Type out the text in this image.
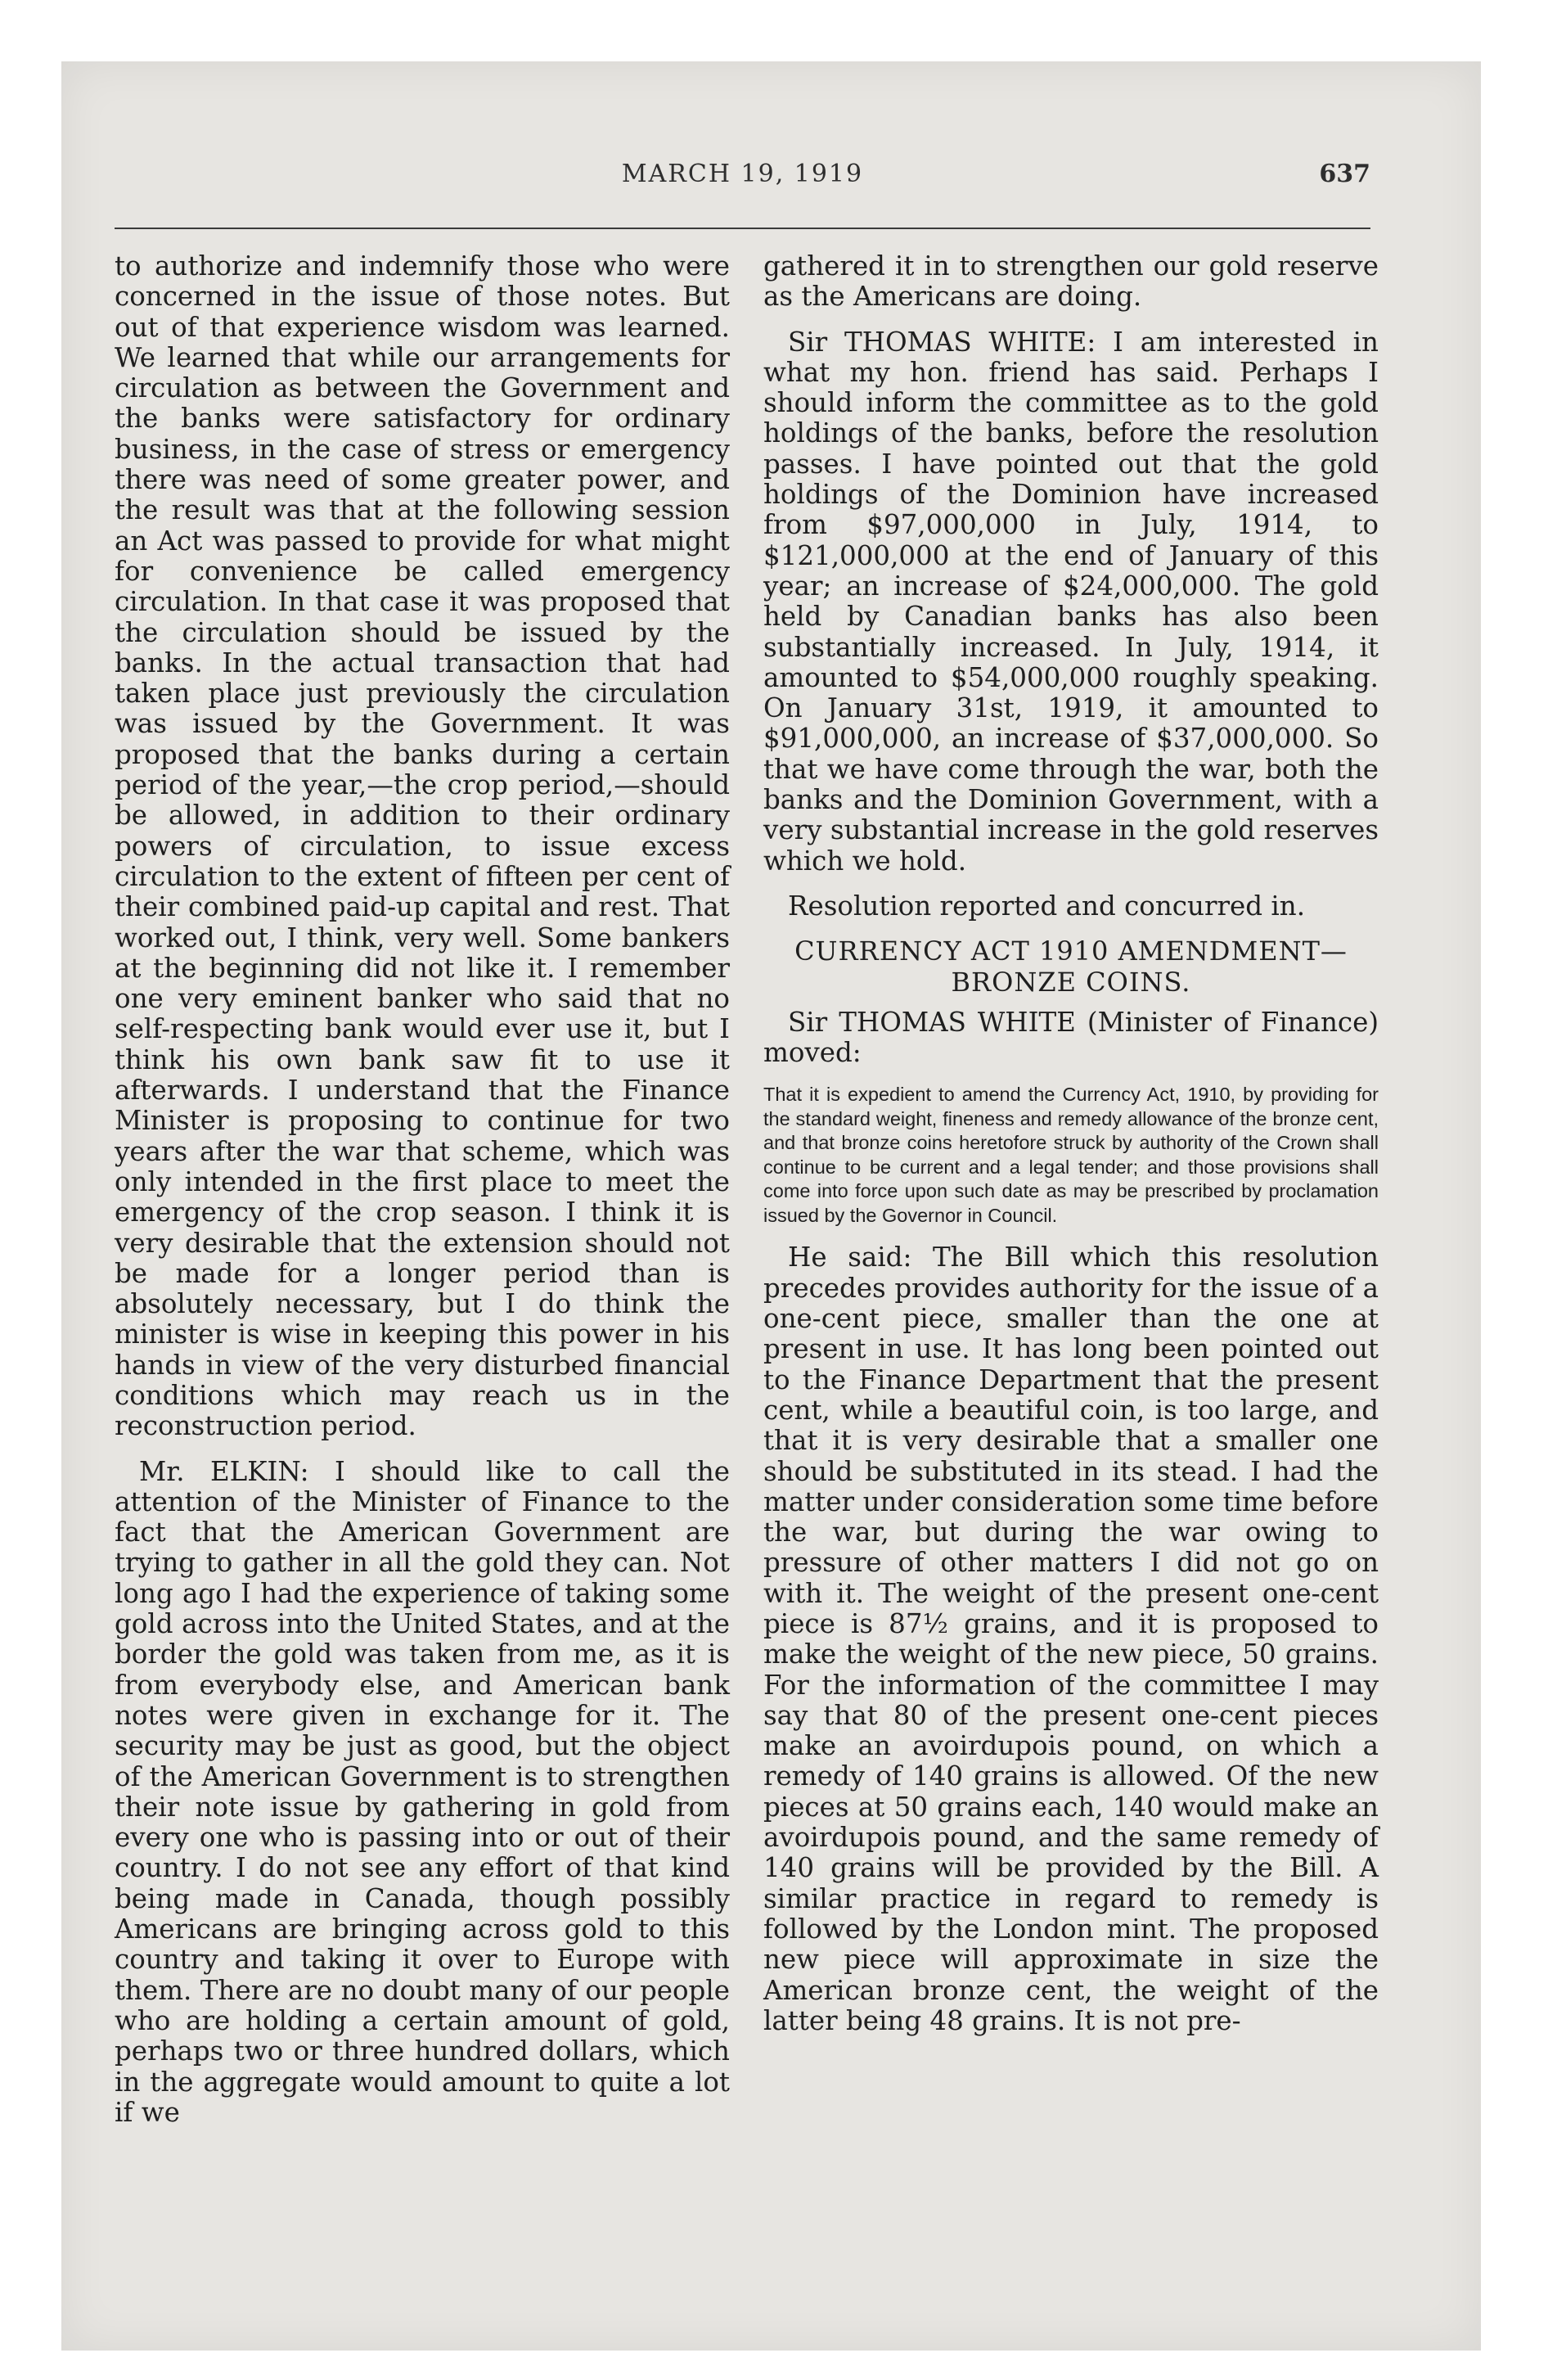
MARCH 19, 1919	637

to authorize and indemnify those who were concerned in the issue of those notes. But out of that experience wisdom was learned. We learned that while our arrangements for circulation as between the Government and the banks were satisfactory for ordinary business, in the case of stress or emergency there was need of some greater power, and the result was that at the following session an Act was passed to provide for what might for convenience be called emergency circulation. In that case it was proposed that the circulation should be issued by the banks. In the actual transaction that had taken place just previously the circulation was issued by the Government. It was proposed that the banks during a certain period of the year,—the crop period,—should be allowed, in addition to their ordinary powers of circulation, to issue excess circulation to the extent of fifteen per cent of their combined paid-up capital and rest. That worked out, I think, very well. Some bankers at the beginning did not like it. I remember one very eminent banker who said that no self-respecting bank would ever use it, but I think his own bank saw fit to use it afterwards. I understand that the Finance Minister is proposing to continue for two years after the war that scheme, which was only intended in the first place to meet the emergency of the crop season. I think it is very desirable that the extension should not be made for a longer period than is absolutely necessary, but I do think the minister is wise in keeping this power in his hands in view of the very disturbed financial conditions which may reach us in the reconstruction period.

Mr. ELKIN: I should like to call the attention of the Minister of Finance to the fact that the American Government are trying to gather in all the gold they can. Not long ago I had the experience of taking some gold across into the United States, and at the border the gold was taken from me, as it is from everybody else, and American bank notes were given in exchange for it. The security may be just as good, but the object of the American Government is to strengthen their note issue by gathering in gold from every one who is passing into or out of their country. I do not see any effort of that kind being made in Canada, though possibly Americans are bringing across gold to this country and taking it over to Europe with them. There are no doubt many of our people who are holding a certain amount of gold, perhaps two or three hundred dollars, which in the aggregate would amount to quite a lot if we

gathered it in to strengthen our gold reserve as the Americans are doing.

Sir THOMAS WHITE: I am interested in what my hon. friend has said. Perhaps I should inform the committee as to the gold holdings of the banks, before the resolution passes. I have pointed out that the gold holdings of the Dominion have increased from $97,000,000 in July, 1914, to $121,000,000 at the end of January of this year; an increase of $24,000,000. The gold held by Canadian banks has also been substantially increased. In July, 1914, it amounted to $54,000,000 roughly speaking. On January 31st, 1919, it amounted to $91,000,000, an increase of $37,000,000. So that we have come through the war, both the banks and the Dominion Government, with a very substantial increase in the gold reserves which we hold.

Resolution reported and concurred in.

CURRENCY ACT 1910 AMENDMENT—
BRONZE COINS.

Sir THOMAS WHITE (Minister of Finance) moved:

That it is expedient to amend the Currency Act, 1910, by providing for the standard weight, fineness and remedy allowance of the bronze cent, and that bronze coins heretofore struck by authority of the Crown shall continue to be current and a legal tender; and those provisions shall come into force upon such date as may be prescribed by proclamation issued by the Governor in Council.

He said: The Bill which this resolution precedes provides authority for the issue of a one-cent piece, smaller than the one at present in use. It has long been pointed out to the Finance Department that the present cent, while a beautiful coin, is too large, and that it is very desirable that a smaller one should be substituted in its stead. I had the matter under consideration some time before the war, but during the war owing to pressure of other matters I did not go on with it. The weight of the present one-cent piece is 87½ grains, and it is proposed to make the weight of the new piece, 50 grains. For the information of the committee I may say that 80 of the present one-cent pieces make an avoirdupois pound, on which a remedy of 140 grains is allowed. Of the new pieces at 50 grains each, 140 would make an avoirdupois pound, and the same remedy of 140 grains will be provided by the Bill. A similar practice in regard to remedy is followed by the London mint. The proposed new piece will approximate in size the American bronze cent, the weight of the latter being 48 grains. It is not pre-
